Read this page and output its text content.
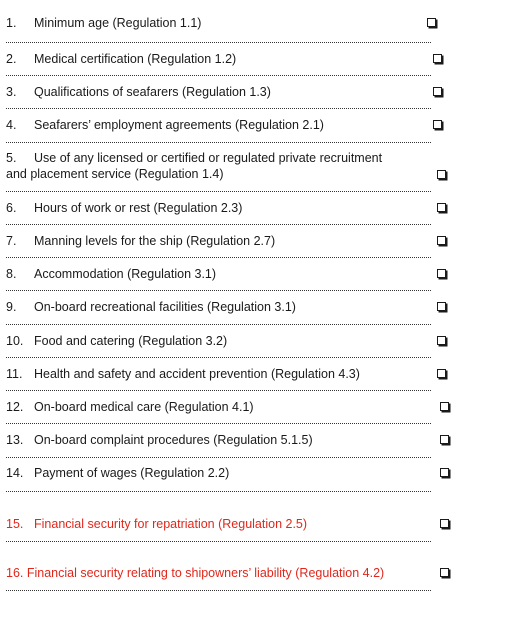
1. Minimum age (Regulation 1.1)
2. Medical certification (Regulation 1.2)
3. Qualifications of seafarers (Regulation 1.3)
4. Seafarers’ employment agreements (Regulation 2.1)
5. Use of any licensed or certified or regulated private recruitment
and placement service (Regulation 1.4)
6. Hours of work or rest (Regulation 2.3)
7. Manning levels for the ship (Regulation 2.7)
8. Accommodation (Regulation 3.1)
9. On-board recreational facilities (Regulation 3.1)
10. Food and catering (Regulation 3.2)
11. Health and safety and accident prevention (Regulation 4.3)
12. On-board medical care (Regulation 4.1)
13. On-board complaint procedures (Regulation 5.1.5)
14. Payment of wages (Regulation 2.2)
15. Financial security for repatriation (Regulation 2.5)
16. Financial security relating to shipowners’ liability (Regulation 4.2)
